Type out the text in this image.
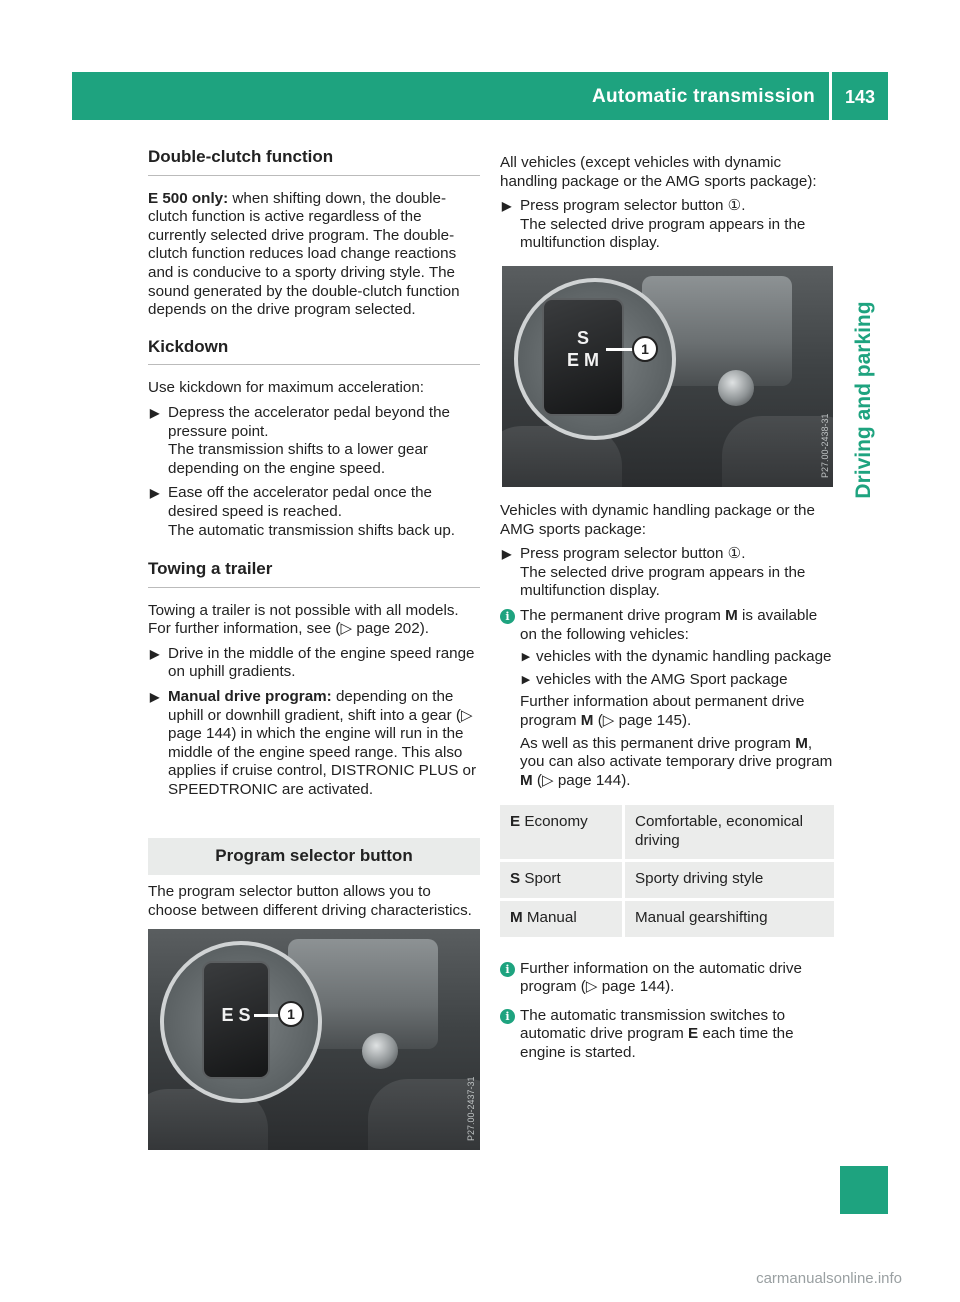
Automatic transmission	143
Driving and parking
Double-clutch function

E 500 only: when shifting down, the double-clutch function is active regardless of the currently selected drive program. The double-clutch function reduces load change reactions and is conducive to a sporty driving style. The sound generated by the double-clutch function depends on the drive program selected.

Kickdown

Use kickdown for maximum acceleration:

▶ Depress the accelerator pedal beyond the pressure point.
The transmission shifts to a lower gear depending on the engine speed.
▶ Ease off the accelerator pedal once the desired speed is reached.
The automatic transmission shifts back up.
Towing a trailer

Towing a trailer is not possible with all models. For further information, see (▷ page 202).

▶ Drive in the middle of the engine speed range on uphill gradients.
▶ Manual drive program: depending on the uphill or downhill gradient, shift into a gear (▷ page 144) in which the engine will run in the middle of the engine speed range. This also applies if cruise control, DISTRONIC PLUS or SPEEDTRONIC are activated.
Program selector button

The program selector button allows you to choose between different driving characteristics.

E S	1
P27.00-2437-31

All vehicles (except vehicles with dynamic handling package or the AMG sports package):

▶ Press program selector button ①.
The selected drive program appears in the multifunction display.

Vehicles with dynamic handling package or the AMG sports package:

▶ Press program selector button ①.
The selected drive program appears in the multifunction display.
i The permanent drive program M is available on the following vehicles:
▸ vehicles with the dynamic handling package
▸ vehicles with the AMG Sport package

Further information about permanent drive program M (▷ page 145).

As well as this permanent drive program M, you can also activate temporary drive program M (▷ page 144).

E Economy	Comfortable, economical driving
S Sport	Sporty driving style
M Manual	Manual gearshifting
i Further information on the automatic drive program (▷ page 144).
i The automatic transmission switches to automatic drive program E each time the engine is started.
S
E M
1
P27.00-2438-31
carmanualsonline.info
